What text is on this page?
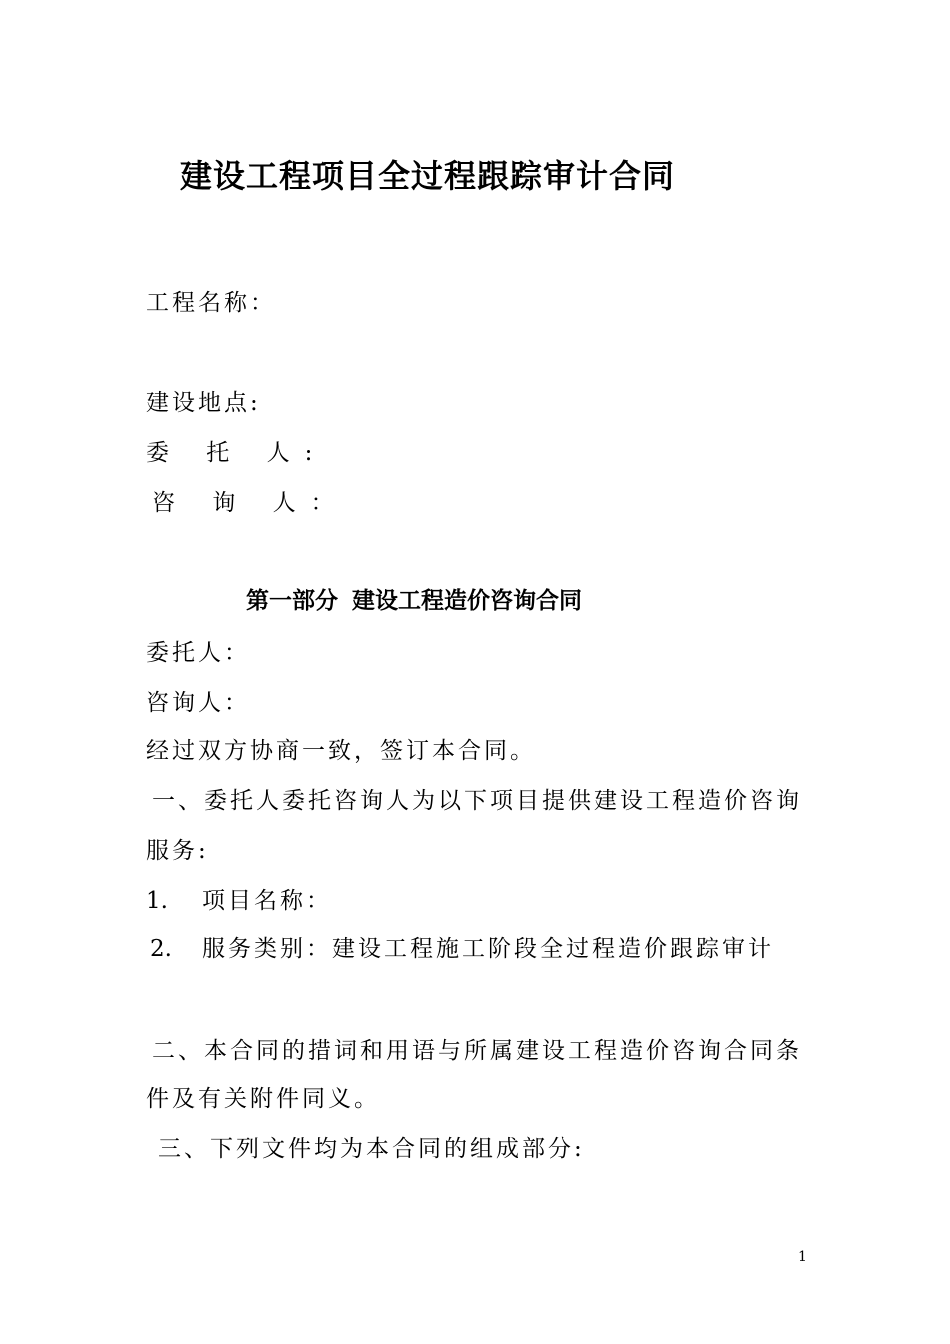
建设工程项目全过程跟踪审计合同
工程名称：
建设地点:
委 托 人:
咨 询 人：
第一部分 建设工程造价咨询合同
委托人：
咨询人：
经过双方协商一致，签订本合同。
一、委托人委托咨询人为以下项目提供建设工程造价咨询
服务:
1. 项目名称：
2. 服务类别：建设工程施工阶段全过程造价跟踪审计
二、本合同的措词和用语与所属建设工程造价咨询合同条
件及有关附件同义。
三、下列文件均为本合同的组成部分:
1
